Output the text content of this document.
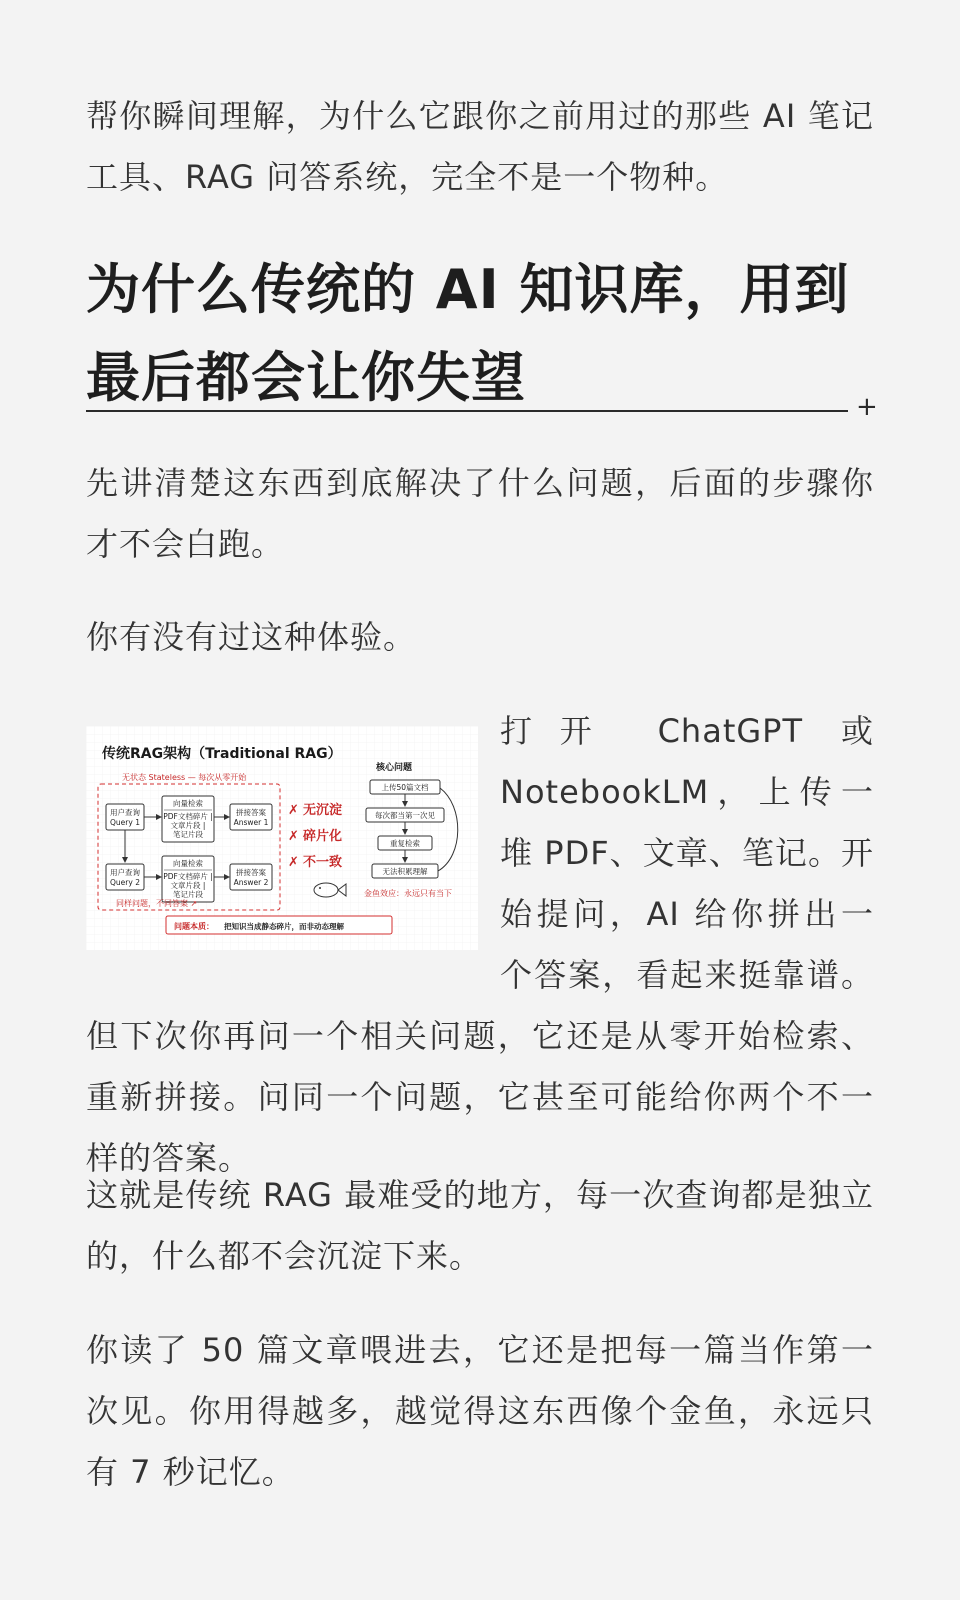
帮你瞬间理解，为什么它跟你之前用过的那些 AI 笔记工具、RAG 问答系统，完全不是一个物种。

为什么传统的 AI 知识库，用到最后都会让你失望	+

先讲清楚这东西到底解决了什么问题，后面的步骤你才不会白跑。

你有没有过这种体验。

传统RAG架构（Traditional RAG）
无状态 Stateless — 每次从零开始
用户查询
Query 1
向量检索
PDF文档碎片 |
文章片段 |
笔记片段
拼接答案
Answer 1
用户查询
Query 2
向量检索
PDF文档碎片 |
文章片段 |
笔记片段
拼接答案
Answer 2
同样问题，不同答案 ↗
✗ 无沉淀
✗ 碎片化
✗ 不一致
核心问题
上传50篇文档
每次都当第一次见
重复检索
无法积累理解
金鱼效应：永远只有当下
问题本质： 把知识当成静态碎片，而非动态理解

打开 ChatGPT 或 NotebookLM，上传一堆 PDF、文章、笔记。开始提问，AI 给你拼出一个答案，看起来挺靠谱。但下次你再问一个相关问题，它还是从零开始检索、重新拼接。问同一个问题，它甚至可能给你两个不一样的答案。

这就是传统 RAG 最难受的地方，每一次查询都是独立的，什么都不会沉淀下来。

你读了 50 篇文章喂进去，它还是把每一篇当作第一次见。你用得越多，越觉得这东西像个金鱼，永远只有 7 秒记忆。
